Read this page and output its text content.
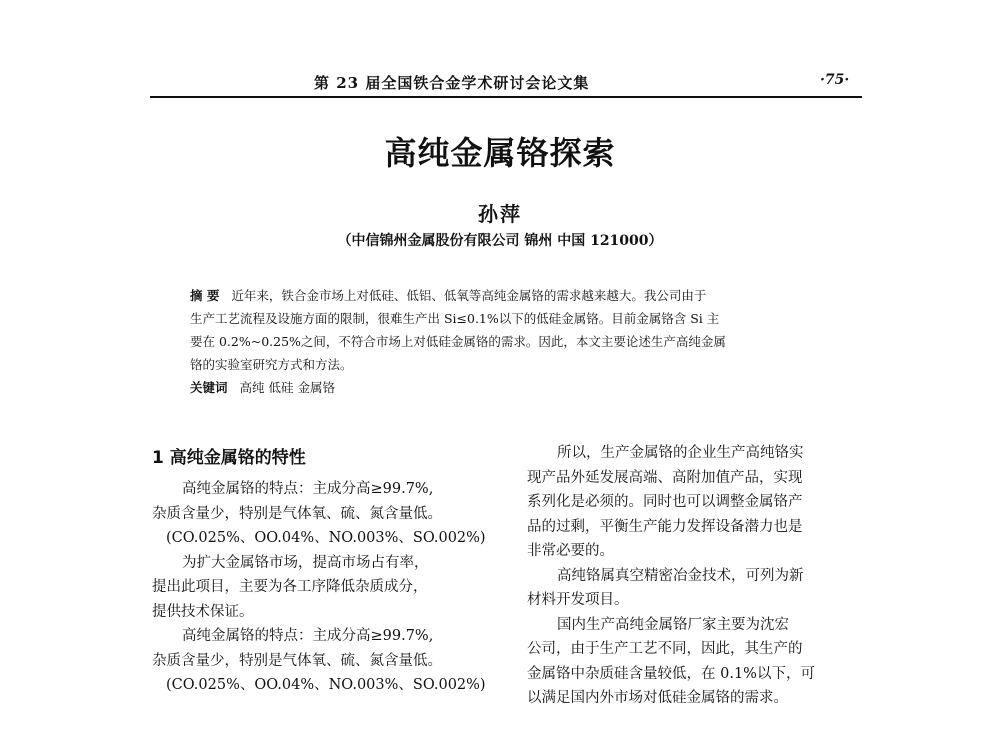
第 23 届全国铁合金学术研讨会论文集	·75·
高纯金属铬探索
孙萍
（中信锦州金属股份有限公司 锦州 中国 121000）
摘 要 近年来，铁合金市场上对低硅、低铝、低氧等高纯金属铬的需求越来越大。我公司由于
生产工艺流程及设施方面的限制，很难生产出 Si≤0.1%以下的低硅金属铬。目前金属铬含 Si 主
要在 0.2%~0.25%之间，不符合市场上对低硅金属铬的需求。因此，本文主要论述生产高纯金属
铬的实验室研究方式和方法。
关键词 高纯 低硅 金属铬
1 高纯金属铬的特性
高纯金属铬的特点：主成分高≥99.7%,
杂质含量少，特别是气体氧、硫、氮含量低。
(CO.025%、OO.04%、NO.003%、SO.002%)
为扩大金属铬市场，提高市场占有率，
提出此项目，主要为各工序降低杂质成分，
提供技术保证。
高纯金属铬的特点：主成分高≥99.7%,
杂质含量少，特别是气体氧、硫、氮含量低。
(CO.025%、OO.04%、NO.003%、SO.002%)
所以，生产金属铬的企业生产高纯铬实
现产品外延发展高端、高附加值产品，实现
系列化是必须的。同时也可以调整金属铬产
品的过剩，平衡生产能力发挥设备潜力也是
非常必要的。
高纯铬属真空精密冶金技术，可列为新
材料开发项目。
国内生产高纯金属铬厂家主要为沈宏
公司，由于生产工艺不同，因此，其生产的
金属铬中杂质硅含量较低，在 0.1%以下，可
以满足国内外市场对低硅金属铬的需求。
